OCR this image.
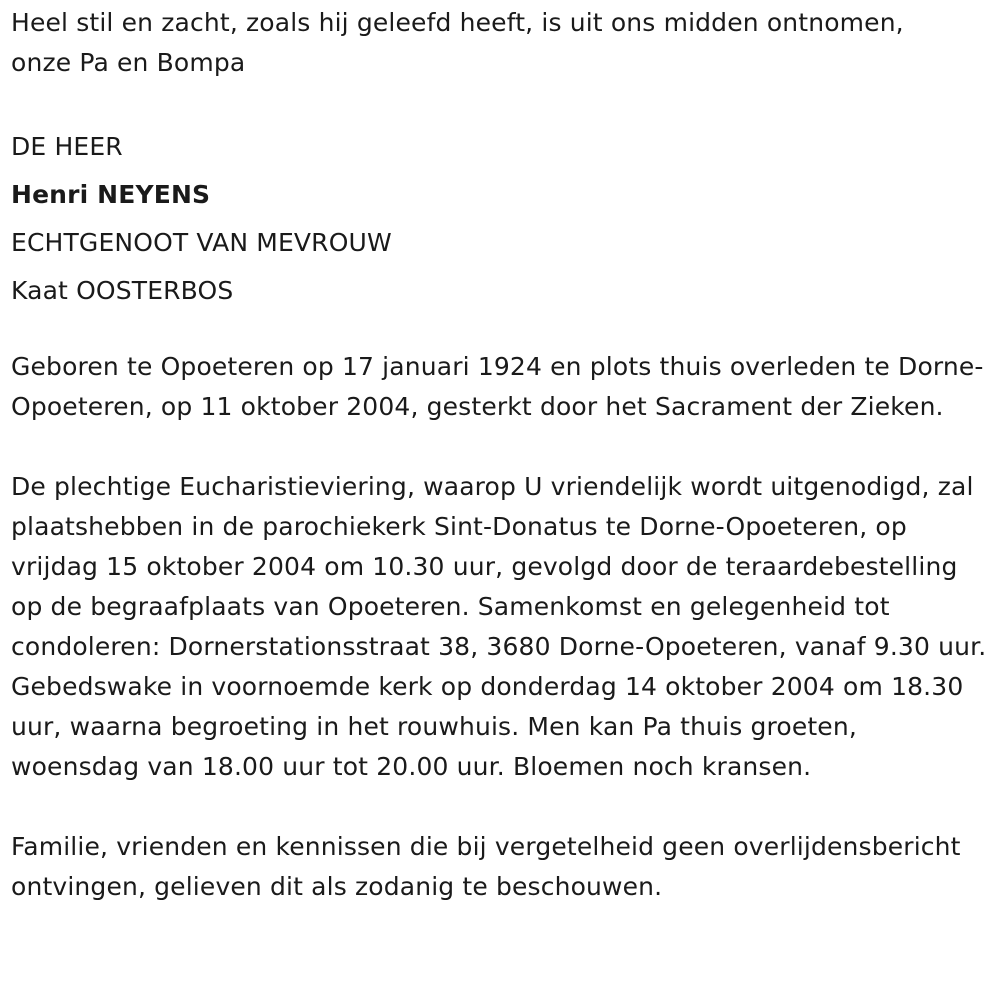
Heel stil en zacht, zoals hij geleefd heeft, is uit ons midden ontnomen,

onze Pa en Bompa

DE HEER

Henri NEYENS

ECHTGENOOT VAN MEVROUW

Kaat OOSTERBOS

Geboren te Opoeteren op 17 januari 1924 en plots thuis overleden te Dorne-Opoeteren, op 11 oktober 2004, gesterkt door het Sacrament der Zieken.

De plechtige Eucharistieviering, waarop U vriendelijk wordt uitgenodigd, zal plaatshebben in de parochiekerk Sint-Donatus te Dorne-Opoeteren, op vrijdag 15 oktober 2004 om 10.30 uur, gevolgd door de teraardebestelling op de begraafplaats van Opoeteren. Samenkomst en gelegenheid tot condoleren: Dornerstationsstraat 38, 3680 Dorne-Opoeteren, vanaf 9.30 uur. Gebedswake in voornoemde kerk op donderdag 14 oktober 2004 om 18.30 uur, waarna begroeting in het rouwhuis. Men kan Pa thuis groeten, woensdag van 18.00 uur tot 20.00 uur. Bloemen noch kransen.

Familie, vrienden en kennissen die bij vergetelheid geen overlijdensbericht ontvingen, gelieven dit als zodanig te beschouwen.
